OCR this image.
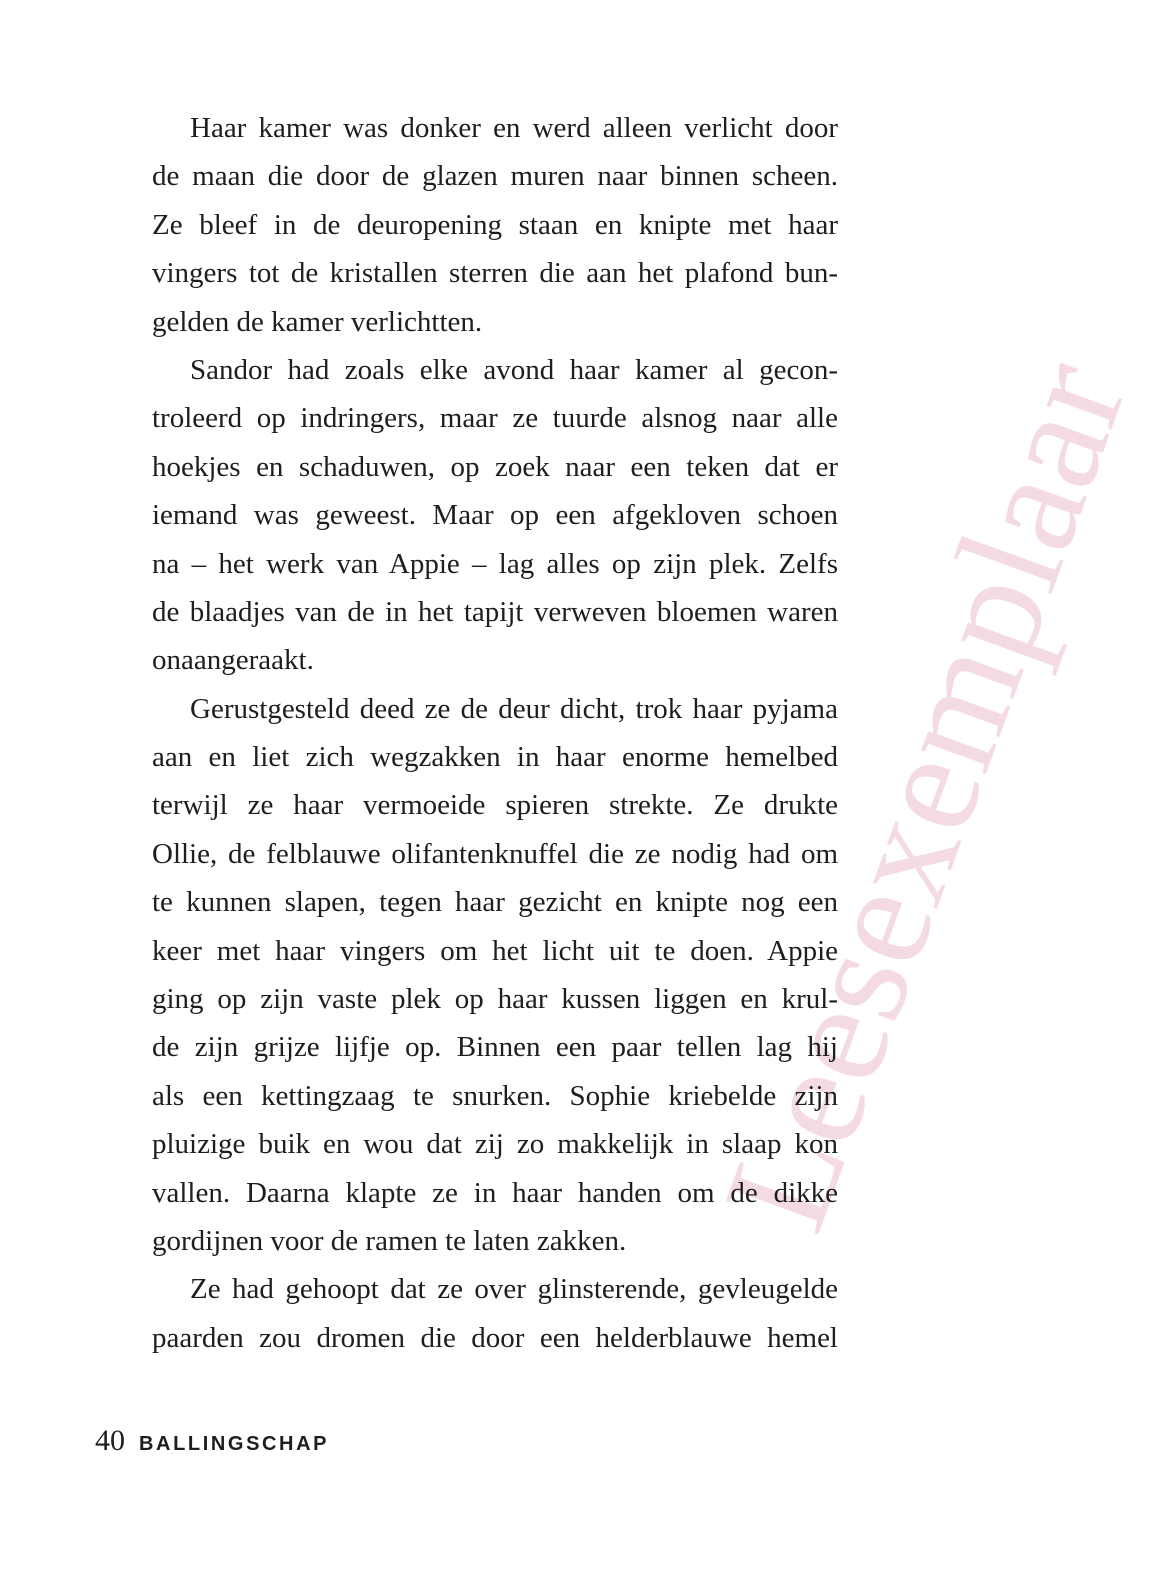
Leesexemplaar
Haar kamer was donker en werd alleen verlicht door
de maan die door de glazen muren naar binnen scheen.
Ze bleef in de deuropening staan en knipte met haar
vingers tot de kristallen sterren die aan het plafond bun-
gelden de kamer verlichtten.
Sandor had zoals elke avond haar kamer al gecon-
troleerd op indringers, maar ze tuurde alsnog naar alle
hoekjes en schaduwen, op zoek naar een teken dat er
iemand was geweest. Maar op een afgekloven schoen
na – het werk van Appie – lag alles op zijn plek. Zelfs
de blaadjes van de in het tapijt verweven bloemen waren
onaangeraakt.
Gerustgesteld deed ze de deur dicht, trok haar pyjama
aan en liet zich wegzakken in haar enorme hemelbed
terwijl ze haar vermoeide spieren strekte. Ze drukte
Ollie, de felblauwe olifantenknuffel die ze nodig had om
te kunnen slapen, tegen haar gezicht en knipte nog een
keer met haar vingers om het licht uit te doen. Appie
ging op zijn vaste plek op haar kussen liggen en krul-
de zijn grijze lijfje op. Binnen een paar tellen lag hij
als een kettingzaag te snurken. Sophie kriebelde zijn
pluizige buik en wou dat zij zo makkelijk in slaap kon
vallen. Daarna klapte ze in haar handen om de dikke
gordijnen voor de ramen te laten zakken.
Ze had gehoopt dat ze over glinsterende, gevleugelde
paarden zou dromen die door een helderblauwe hemel
40 BALLINGSCHAP
